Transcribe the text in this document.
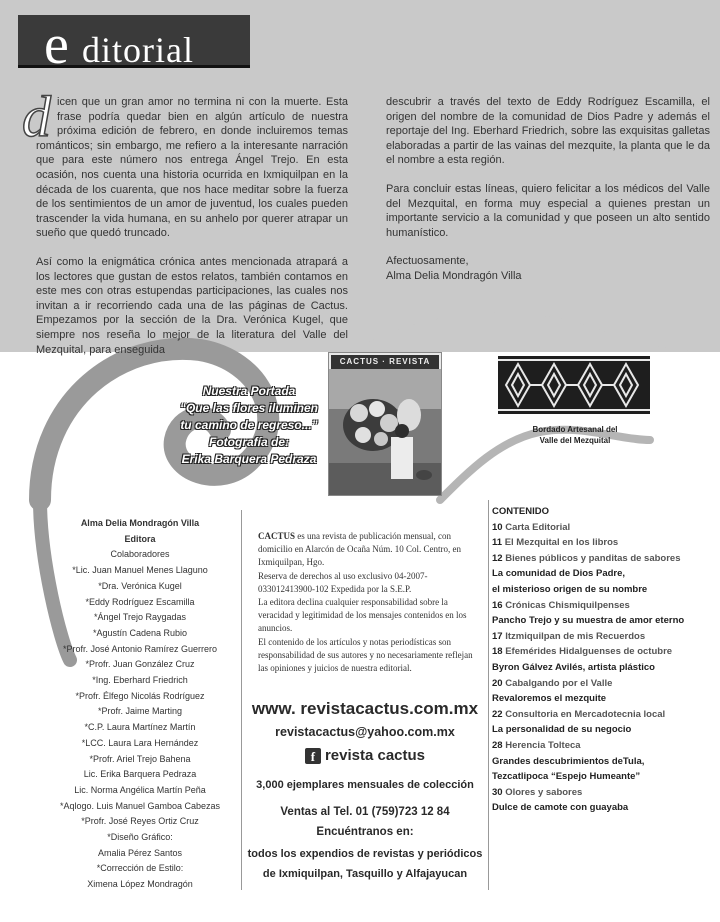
e ditorial

dicen que un gran amor no termina ni con la muerte. Esta frase podría quedar bien en algún artículo de nuestra próxima edición de febrero, en donde incluiremos temas románticos; sin embargo, me refiero a la interesante narración que para este número nos entrega Ángel Trejo. En esta ocasión, nos cuenta una historia ocurrida en Ixmiquilpan en la década de los cuarenta, que nos hace meditar sobre la fuerza de los sentimientos de un amor de juventud, los cuales pueden trascender la vida humana, en su anhelo por querer atrapar un sueño que quedó truncado.

Así como la enigmática crónica antes mencionada atrapará a los lectores que gustan de estos relatos, también contamos en este mes con otras estupendas participaciones, las cuales nos invitan a ir recorriendo cada una de las páginas de Cactus. Empezamos por la sección de la Dra. Verónica Kugel, que siempre nos reseña lo mejor de la literatura del Valle del Mezquital, para enseguida

descubrir a través del texto de Eddy Rodríguez Escamilla, el origen del nombre de la comunidad de Dios Padre y además el reportaje del Ing. Eberhard Friedrich, sobre las exquisitas galletas elaboradas a partir de las vainas del mezquite, la planta que le da el nombre a esta región.

Para concluir estas líneas, quiero felicitar a los médicos del Valle del Mezquital, en forma muy especial a quienes prestan un importante servicio a la comunidad y que poseen un alto sentido humanístico.

Afectuosamente,

Alma Delia Mondragón Villa

Nuestra Portada
“Que las flores iluminen
tu camino de regreso...”
Fotografía de:
Erika Barquera Pedraza
CACTUS · REVISTA
Bordado Artesanal del
Valle del Mezquital
Alma Delia Mondragón Villa
Editora
Colaboradores
*Lic. Juan Manuel Menes Llaguno
*Dra. Verónica Kugel
*Eddy Rodríguez Escamilla
*Ángel Trejo Raygadas
*Agustín Cadena Rubio
*Profr. José Antonio Ramírez Guerrero
*Profr. Juan González Cruz
*Ing. Eberhard Friedrich
*Profr. Élfego Nicolás Rodríguez
*Profr. Jaime Marting
*C.P. Laura Martínez Martín
*LCC. Laura Lara Hernández
*Profr. Ariel Trejo Bahena
Lic. Erika Barquera Pedraza
Lic. Norma Angélica Martín Peña
*Aqlogo. Luis Manuel Gamboa Cabezas
*Profr. José Reyes Ortiz Cruz
*Diseño Gráfico:
Amalia Pérez Santos
*Corrección de Estilo:
Ximena López Mondragón

CACTUS es una revista de publicación mensual, con domicilio en Alarcón de Ocaña Núm. 10 Col. Centro, en Ixmiquilpan, Hgo.

Reserva de derechos al uso exclusivo 04-2007-033012413900-102 Expedida por la S.E.P.

La editora declina cualquier responsabilidad sobre la veracidad y legitimidad de los mensajes contenidos en los anuncios.

El contenido de los artículos y notas periodísticas son responsabilidad de sus autores y no necesariamente reflejan las opiniones y juicios de nuestra editorial.

www. revistacactus.com.mx
revistacactus@yahoo.com.mx
f revista cactus
3,000 ejemplares mensuales de colección
Ventas al Tel. 01 (759)723 12 84
Encuéntranos en:
todos los expendios de revistas y periódicos
de Ixmiquilpan, Tasquillo y Alfajayucan
CONTENIDO
10 Carta Editorial
11 El Mezquital en los libros
12 Bienes públicos y panditas de sabores
La comunidad de Dios Padre,
el misterioso origen de su nombre
16 Crónicas Chismiquilpenses
Pancho Trejo y su muestra de amor eterno
17 Itzmiquilpan de mis Recuerdos
18 Efemérides Hidalguenses de octubre
Byron Gálvez Avilés, artista plástico
20 Cabalgando por el Valle
Revaloremos el mezquite
22 Consultoria en Mercadotecnia local
La personalidad de su negocio
28 Herencia Tolteca
Grandes descubrimientos deTula,
Tezcatlipoca “Espejo Humeante”
30 Olores y sabores
Dulce de camote con guayaba
